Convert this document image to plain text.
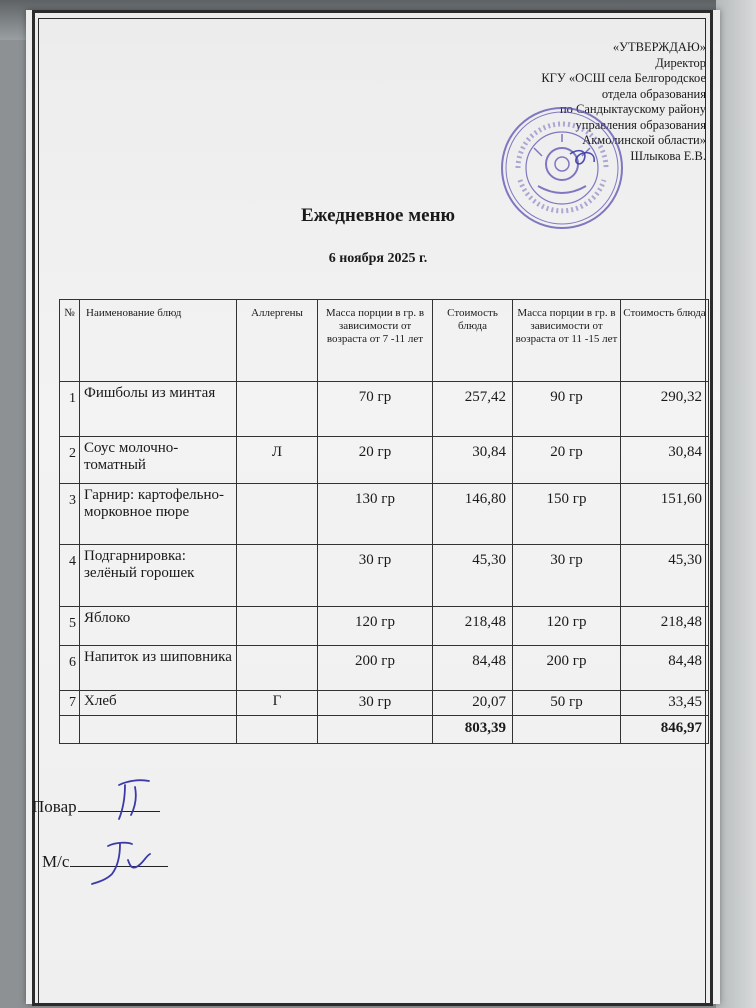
«УТВЕРЖДАЮ»
Директор
КГУ «ОСШ села Белгородское
отдела образования
по Сандыктаускому району
управления образования
Акмолинской области»
Шлыкова Е.В.
Ежедневное меню
6 ноября 2025 г.
№	Наименование блюд	Аллергены	Масса порции в гр. в зависимости от возраста от 7 -11 лет	Стоимость блюда	Масса порции в гр. в зависимости от возраста от 11 -15 лет	Стоимость блюда
1	Фишболы из минтая		70 гр	257,42	90 гр	290,32
2	Соус молочно-томатный	Л	20 гр	30,84	20 гр	30,84
3	Гарнир: картофельно-морковное пюре		130 гр	146,80	150 гр	151,60
4	Подгарнировка: зелёный горошек		30 гр	45,30	30 гр	45,30
5	Яблоко		120 гр	218,48	120 гр	218,48
6	Напиток из шиповника		200 гр	84,48	200 гр	84,48
7	Хлеб	Г	30 гр	20,07	50 гр	33,45
				803,39		846,97
Повар
М/с
